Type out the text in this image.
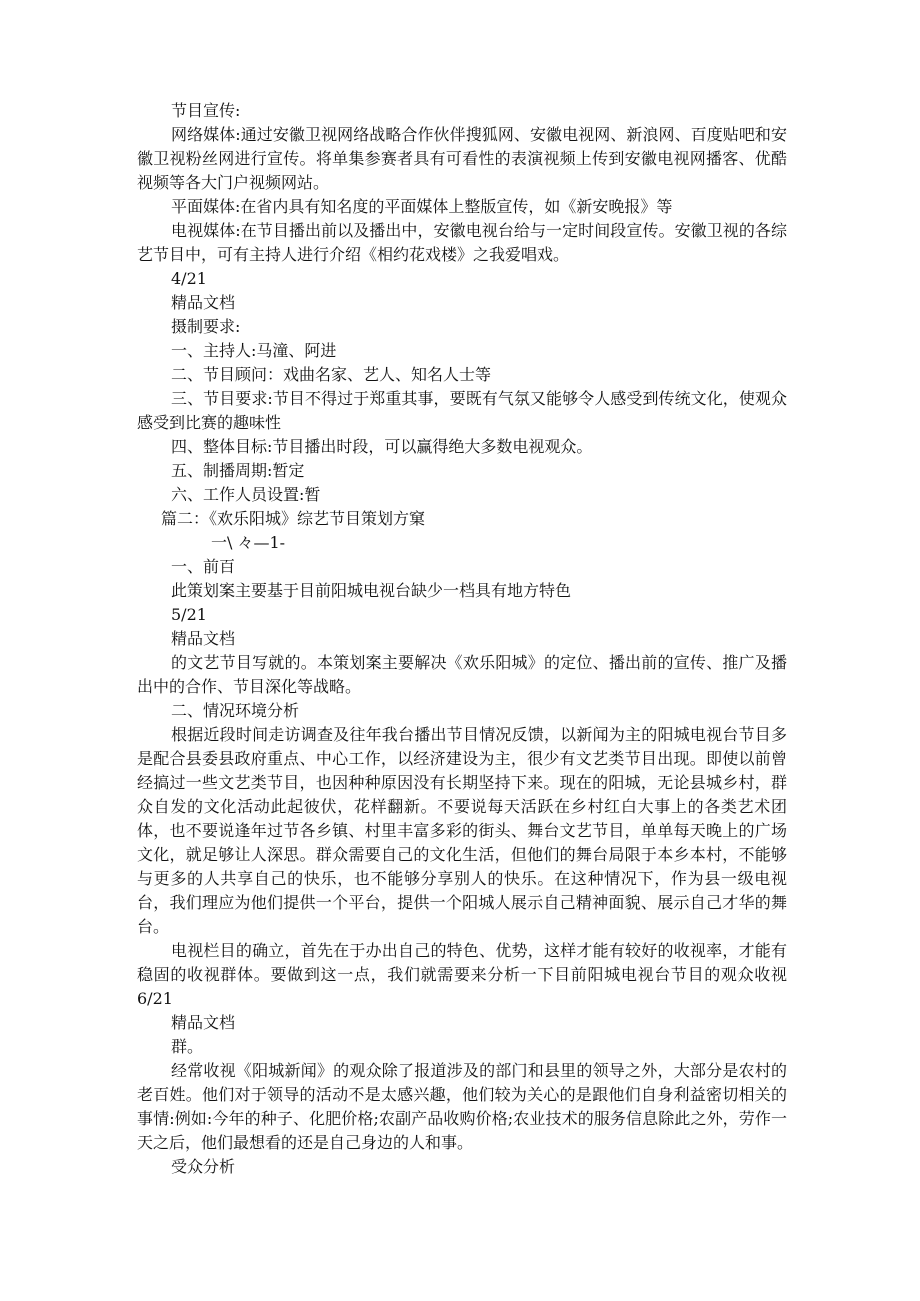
节目宣传:

网络媒体:通过安徽卫视网络战略合作伙伴搜狐网、安徽电视网、新浪网、百度贴吧和安徽卫视粉丝网进行宣传。将单集参赛者具有可看性的表演视频上传到安徽电视网播客、优酷视频等各大门户视频网站。

平面媒体:在省内具有知名度的平面媒体上整版宣传，如《新安晚报》等

电视媒体:在节目播出前以及播出中，安徽电视台给与一定时间段宣传。安徽卫视的各综艺节目中，可有主持人进行介绍《相约花戏楼》之我爱唱戏。

4/21

精品文档

摄制要求:

一、主持人:马潼、阿进

二、节目顾问：戏曲名家、艺人、知名人士等

三、节目要求:节目不得过于郑重其事，要既有气氛又能够令人感受到传统文化，使观众感受到比赛的趣味性

四、整体目标:节目播出时段，可以赢得绝大多数电视观众。

五、制播周期:暂定

六、工作人员设置:暂

篇二：《欢乐阳城》综艺节目策划方窠

一\ 々—1-

一、前百

此策划案主要基于目前阳城电视台缺少一档具有地方特色

5/21

精品文档

的文艺节目写就的。本策划案主要解决《欢乐阳城》的定位、播出前的宣传、推广及播出中的合作、节目深化等战略。

二、情况环境分析

根据近段时间走访调查及往年我台播出节目情况反馈，以新闻为主的阳城电视台节目多是配合县委县政府重点、中心工作，以经济建设为主，很少有文艺类节目出现。即使以前曾经搞过一些文艺类节目，也因种种原因没有长期坚持下来。现在的阳城，无论县城乡村，群众自发的文化活动此起彼伏，花样翻新。不要说每天活跃在乡村红白大事上的各类艺术团体，也不要说逢年过节各乡镇、村里丰富多彩的街头、舞台文艺节目，单单每天晚上的广场文化，就足够让人深思。群众需要自己的文化生活，但他们的舞台局限于本乡本村，不能够与更多的人共享自己的快乐，也不能够分享别人的快乐。在这种情况下，作为县一级电视台，我们理应为他们提供一个平台，提供一个阳城人展示自己精神面貌、展示自己才华的舞台。

电视栏目的确立，首先在于办出自己的特色、优势，这样才能有较好的收视率，才能有稳固的收视群体。要做到这一点，我们就需要来分析一下目前阳城电视台节目的观众收视 6/21

精品文档

群。

经常收视《阳城新闻》的观众除了报道涉及的部门和县里的领导之外，大部分是农村的老百姓。他们对于领导的活动不是太感兴趣，他们较为关心的是跟他们自身利益密切相关的事情:例如:今年的种子、化肥价格;农副产品收购价格;农业技术的服务信息除此之外，劳作一天之后，他们最想看的还是自己身边的人和事。

受众分析
